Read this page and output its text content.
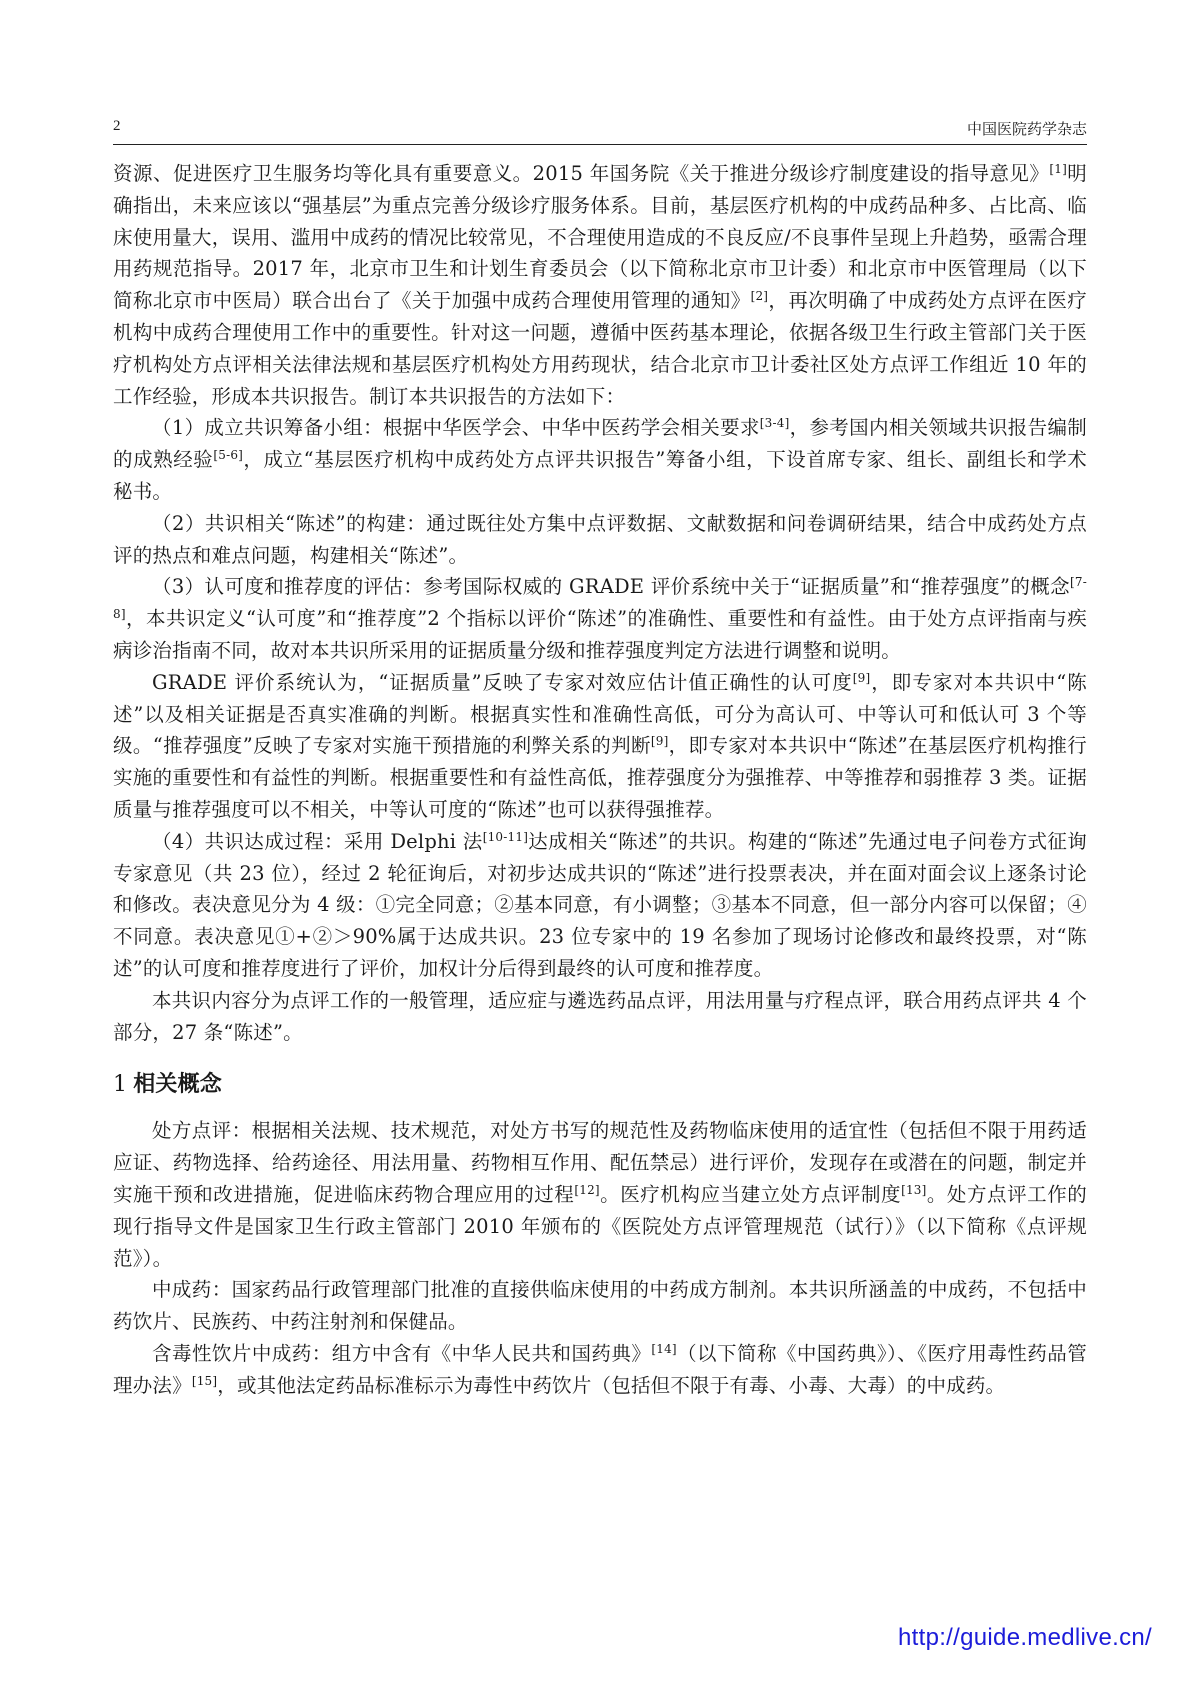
2	中国医院药学杂志

资源、促进医疗卫生服务均等化具有重要意义。2015 年国务院《关于推进分级诊疗制度建设的指导意见》[1]明确指出，未来应该以“强基层”为重点完善分级诊疗服务体系。目前，基层医疗机构的中成药品种多、占比高、临床使用量大，误用、滥用中成药的情况比较常见，不合理使用造成的不良反应/不良事件呈现上升趋势，亟需合理用药规范指导。2017 年，北京市卫生和计划生育委员会（以下简称北京市卫计委）和北京市中医管理局（以下简称北京市中医局）联合出台了《关于加强中成药合理使用管理的通知》[2]，再次明确了中成药处方点评在医疗机构中成药合理使用工作中的重要性。针对这一问题，遵循中医药基本理论，依据各级卫生行政主管部门关于医疗机构处方点评相关法律法规和基层医疗机构处方用药现状，结合北京市卫计委社区处方点评工作组近 10 年的工作经验，形成本共识报告。制订本共识报告的方法如下：

（1）成立共识筹备小组：根据中华医学会、中华中医药学会相关要求[3-4]，参考国内相关领域共识报告编制的成熟经验[5-6]，成立“基层医疗机构中成药处方点评共识报告”筹备小组，下设首席专家、组长、副组长和学术秘书。

（2）共识相关“陈述”的构建：通过既往处方集中点评数据、文献数据和问卷调研结果，结合中成药处方点评的热点和难点问题，构建相关“陈述”。

（3）认可度和推荐度的评估：参考国际权威的 GRADE 评价系统中关于“证据质量”和“推荐强度”的概念[7-8]，本共识定义“认可度”和“推荐度”2 个指标以评价“陈述”的准确性、重要性和有益性。由于处方点评指南与疾病诊治指南不同，故对本共识所采用的证据质量分级和推荐强度判定方法进行调整和说明。

GRADE 评价系统认为，“证据质量”反映了专家对效应估计值正确性的认可度[9]，即专家对本共识中“陈述”以及相关证据是否真实准确的判断。根据真实性和准确性高低，可分为高认可、中等认可和低认可 3 个等级。“推荐强度”反映了专家对实施干预措施的利弊关系的判断[9]，即专家对本共识中“陈述”在基层医疗机构推行实施的重要性和有益性的判断。根据重要性和有益性高低，推荐强度分为强推荐、中等推荐和弱推荐 3 类。证据质量与推荐强度可以不相关，中等认可度的“陈述”也可以获得强推荐。

（4）共识达成过程：采用 Delphi 法[10-11]达成相关“陈述”的共识。构建的“陈述”先通过电子问卷方式征询专家意见（共 23 位），经过 2 轮征询后，对初步达成共识的“陈述”进行投票表决，并在面对面会议上逐条讨论和修改。表决意见分为 4 级：①完全同意；②基本同意，有小调整；③基本不同意，但一部分内容可以保留；④不同意。表决意见①+②＞90%属于达成共识。23 位专家中的 19 名参加了现场讨论修改和最终投票，对“陈述”的认可度和推荐度进行了评价，加权计分后得到最终的认可度和推荐度。

本共识内容分为点评工作的一般管理，适应症与遴选药品点评，用法用量与疗程点评，联合用药点评共 4 个部分，27 条“陈述”。

1 相关概念

处方点评：根据相关法规、技术规范，对处方书写的规范性及药物临床使用的适宜性（包括但不限于用药适应证、药物选择、给药途径、用法用量、药物相互作用、配伍禁忌）进行评价，发现存在或潜在的问题，制定并实施干预和改进措施，促进临床药物合理应用的过程[12]。医疗机构应当建立处方点评制度[13]。处方点评工作的现行指导文件是国家卫生行政主管部门 2010 年颁布的《医院处方点评管理规范（试行）》（以下简称《点评规范》）。

中成药：国家药品行政管理部门批准的直接供临床使用的中药成方制剂。本共识所涵盖的中成药，不包括中药饮片、民族药、中药注射剂和保健品。

含毒性饮片中成药：组方中含有《中华人民共和国药典》[14]（以下简称《中国药典》）、《医疗用毒性药品管理办法》[15]，或其他法定药品标准标示为毒性中药饮片（包括但不限于有毒、小毒、大毒）的中成药。

http://guide.medlive.cn/
